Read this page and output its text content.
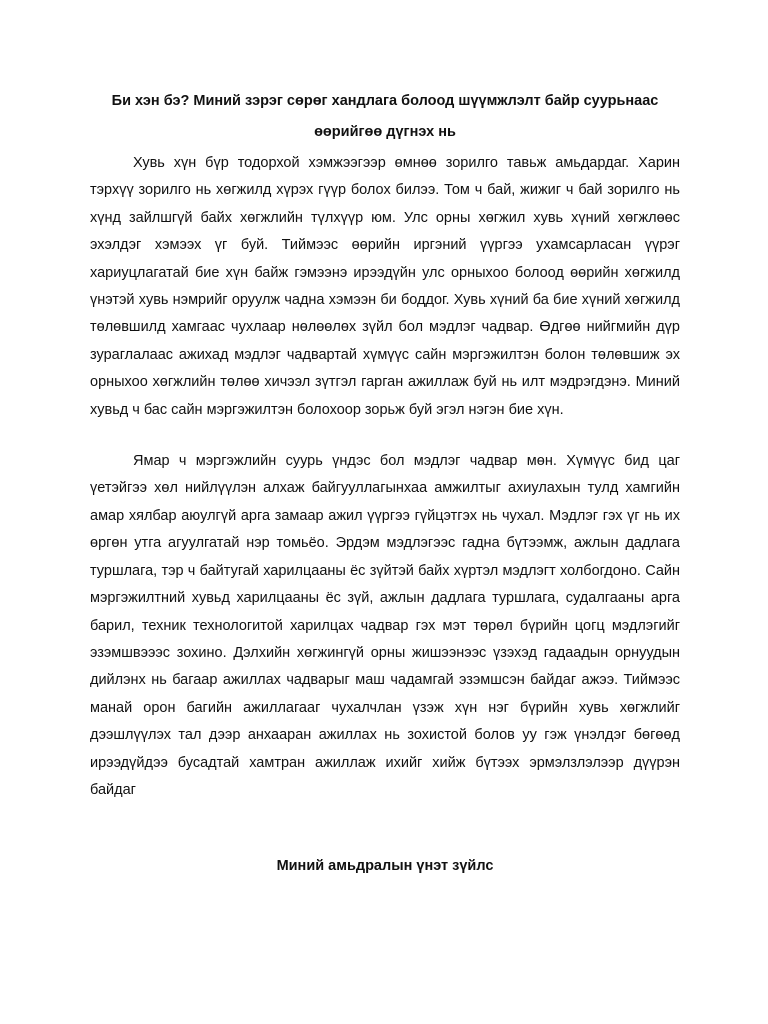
Би хэн бэ? Миний зэрэг сөрөг хандлага болоод шүүмжлэлт байр суурьнаас өөрийгөө дүгнэх нь

Хувь хүн бүр тодорхой хэмжээгээр өмнөө зорилго тавьж амьдардаг. Харин тэрхүү зорилго нь хөгжилд хүрэх гүүр болох билээ. Том ч бай, жижиг ч бай зорилго нь хүнд зайлшгүй байх хөгжлийн түлхүүр юм. Улс орны хөгжил хувь хүний хөгжлөөс эхэлдэг хэмээх үг буй. Тиймээс өөрийн иргэний үүргээ ухамсарласан үүрэг хариуцлагатай бие хүн байж гэмээнэ ирээдүйн улс орныхоо болоод өөрийн хөгжилд үнэтэй хувь нэмрийг оруулж чадна хэмээн би боддог. Хувь хүний ба бие хүний хөгжилд төлөвшилд хамгаас чухлаар нөлөөлөх зүйл бол мэдлэг чадвар. Өдгөө нийгмийн дүр зураглалаас ажихад мэдлэг чадвартай хүмүүс сайн мэргэжилтэн болон төлөвшиж эх орныхоо хөгжлийн төлөө хичээл зүтгэл гарган ажиллаж буй нь илт мэдрэгдэнэ. Миний хувьд ч бас сайн мэргэжилтэн болохоор зорьж буй эгэл нэгэн бие хүн.

Ямар ч мэргэжлийн суурь үндэс бол мэдлэг чадвар мөн. Хүмүүс бид цаг үетэйгээ хөл нийлүүлэн алхаж байгууллагынхаа амжилтыг ахиулахын тулд хамгийн амар хялбар аюулгүй арга замаар ажил үүргээ гүйцэтгэх нь чухал. Мэдлэг гэх үг нь их өргөн утга агуулгатай нэр томьёо. Эрдэм мэдлэгээс гадна бүтээмж, ажлын дадлага туршлага, тэр ч байтугай харилцааны ёс зүйтэй байх хүртэл мэдлэгт холбогдоно. Сайн мэргэжилтний хувьд харилцааны ёс зүй, ажлын дадлага туршлага, судалгааны арга барил, техник технологитой харилцах чадвар гэх мэт төрөл бүрийн цогц мэдлэгийг эзэмшвэээс зохино. Дэлхийн хөгжингүй орны жишээнээс үзэхэд гадаадын орнуудын дийлэнх нь багаар ажиллах чадварыг маш чадамгай эзэмшсэн байдаг ажээ. Тиймээс манай орон багийн ажиллагааг чухалчлан үзэж хүн нэг бүрийн хувь хөгжлийг дээшлүүлэх тал дээр анхааран ажиллах нь зохистой болов уу гэж үнэлдэг бөгөөд ирээдүйдээ бусадтай хамтран ажиллаж ихийг хийж бүтээх эрмэлзлэлээр дүүрэн байдаг

Миний амьдралын үнэт зүйлс
